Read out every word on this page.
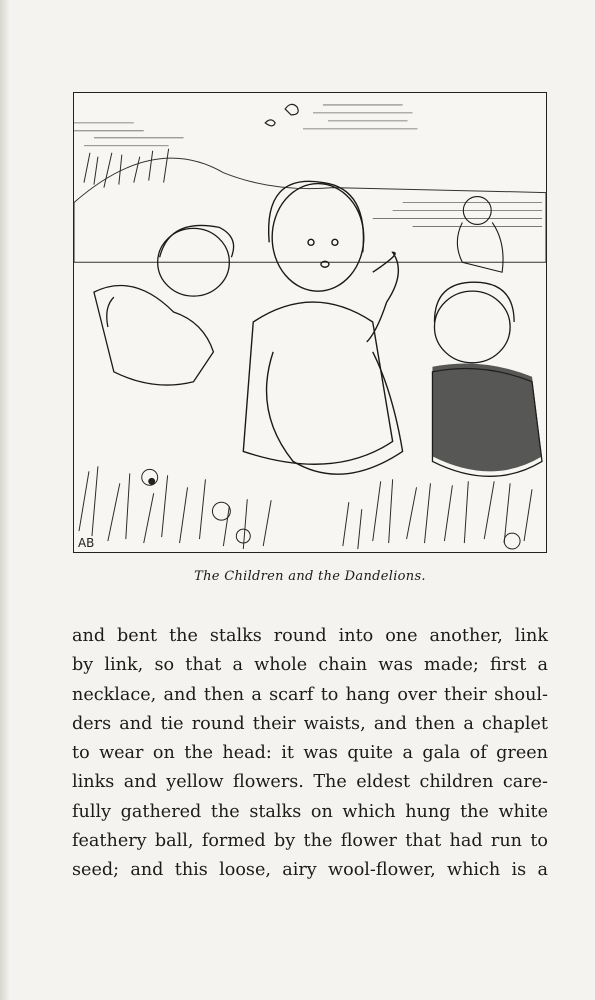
AB
The Children and the Dandelions.
and bent the stalks round into one another, link
by link, so that a whole chain was made; first a
necklace, and then a scarf to hang over their shoul-
ders and tie round their waists, and then a chaplet
to wear on the head: it was quite a gala of green
links and yellow flowers. The eldest children care-
fully gathered the stalks on which hung the white
feathery ball, formed by the flower that had run to
seed; and this loose, airy wool-flower, which is a
